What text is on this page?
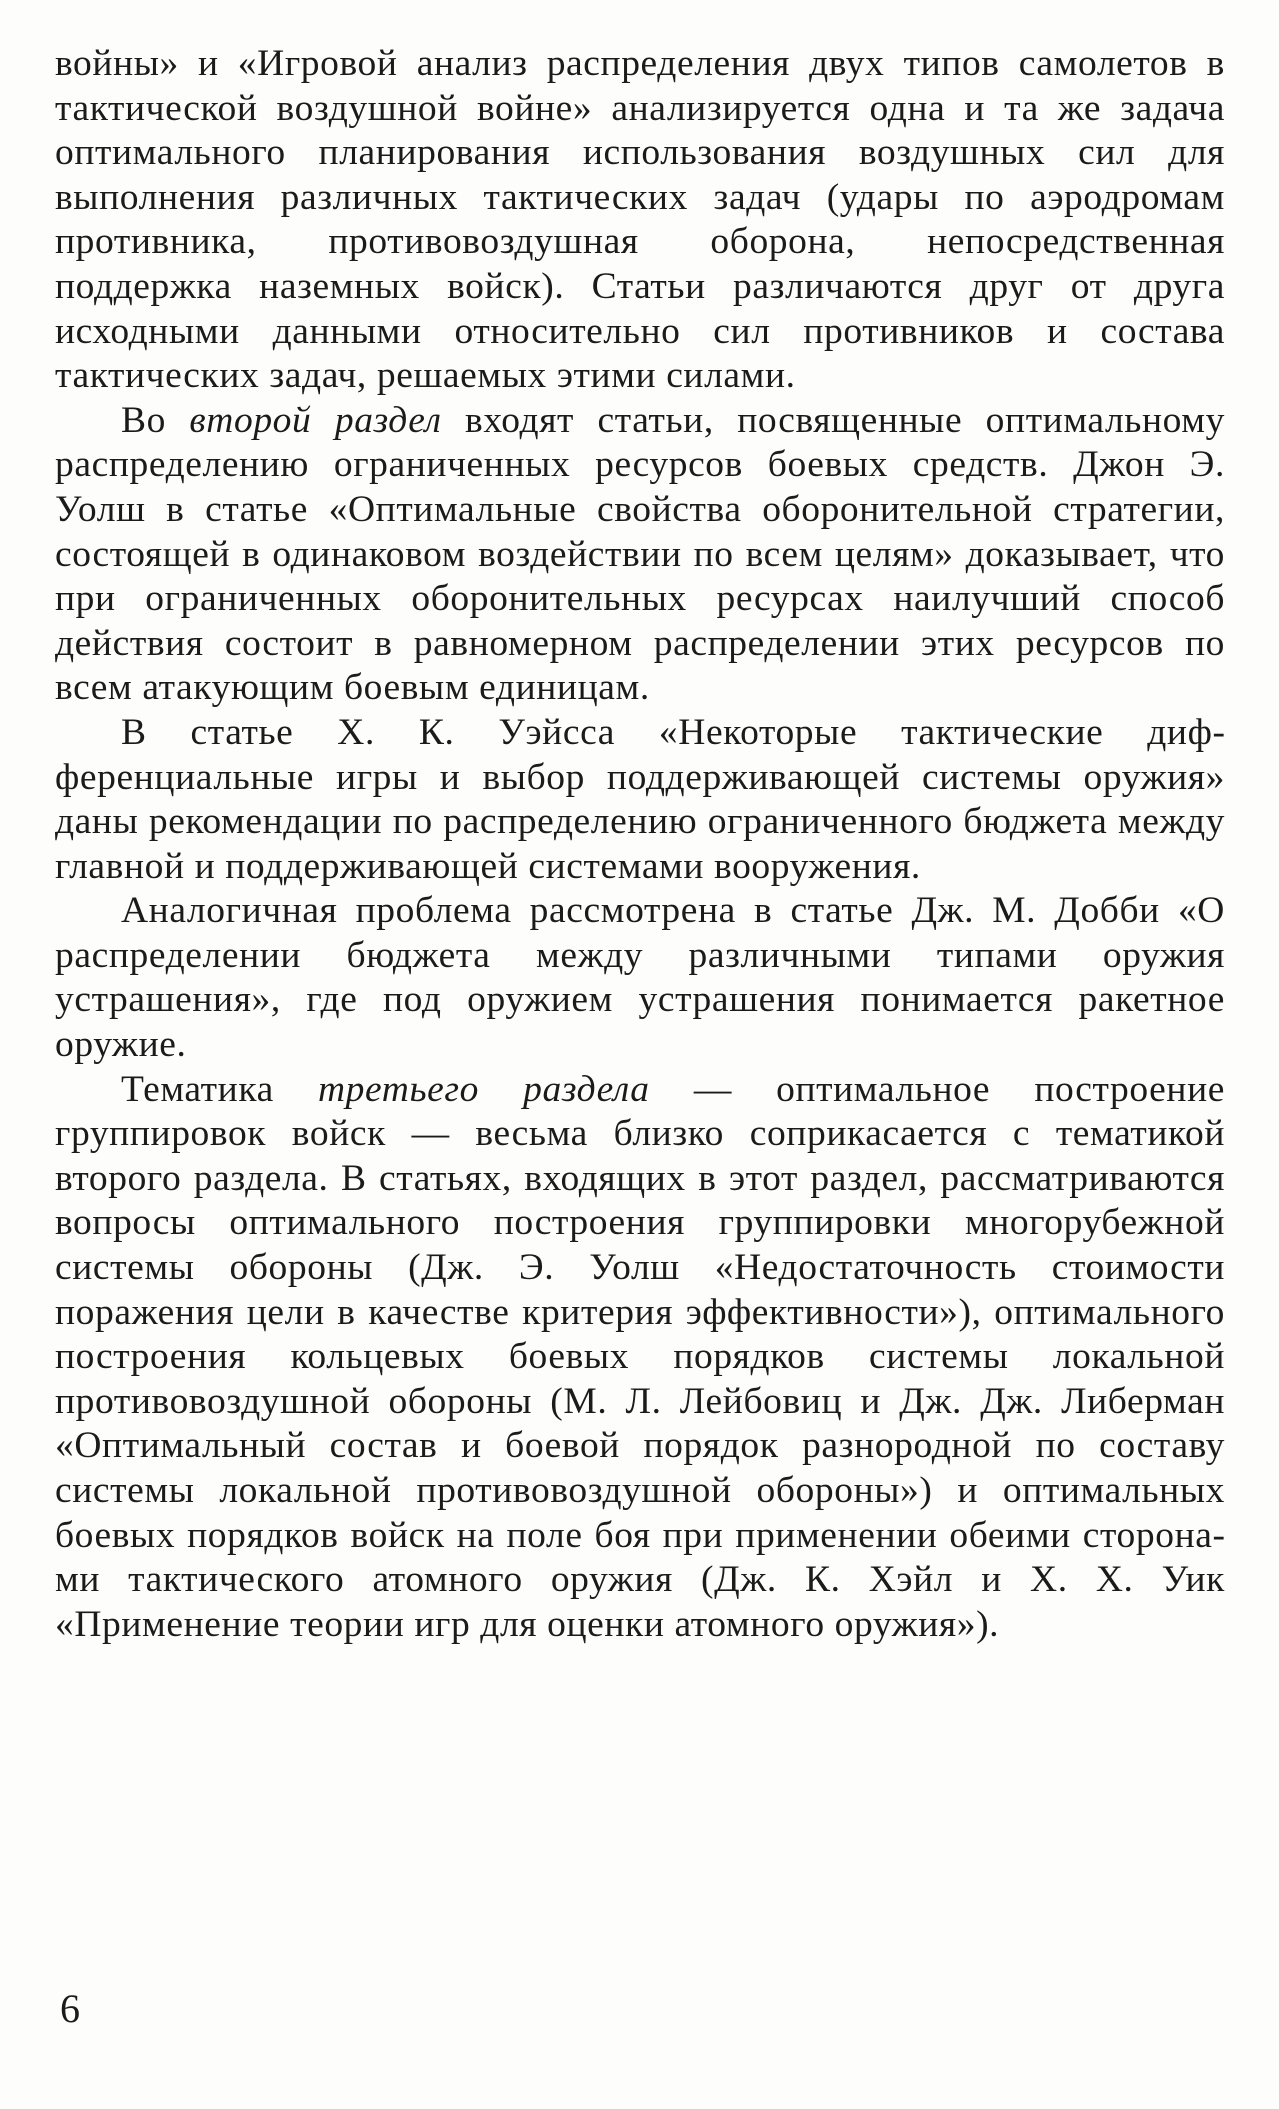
войны» и «Игровой анализ распределения двух типов самолетов в тактической воздушной войне» анализируется одна и та же задача оптимального планирования использования воздушных сил для выполнения различных тактических задач (удары по аэродромам противника, противовоздушная оборона, непосредственная поддержка наземных войск). Статьи различаются друг от друга исходными данными относительно сил противников и состава тактических задач, решаемых этими силами.

Во второй раздел входят статьи, посвященные оптимальному распределению ограниченных ресурсов боевых средств. Джон Э. Уолш в статье «Оптимальные свойства оборонительной стратегии, состоящей в одинаковом воздействии по всем целям» доказывает, что при ограниченных оборонительных ресурсах наилучший способ действия состоит в равномерном распределении этих ресурсов по всем атакующим боевым единицам.

В статье Х. К. Уэйсса «Некоторые тактические дифференциальные игры и выбор поддерживающей системы оружия» даны рекомендации по распределению ограниченного бюджета между главной и поддерживающей системами вооружения.

Аналогичная проблема рассмотрена в статье Дж. М. Добби «О распределении бюджета между различными типами оружия устрашения», где под оружием устрашения понимается ракетное оружие.

Тематика третьего раздела — оптимальное построение группировок войск — весьма близко соприкасается с тематикой второго раздела. В статьях, входящих в этот раздел, рассматриваются вопросы оптимального построения группировки многорубежной системы обороны (Дж. Э. Уолш «Недостаточность стоимости поражения цели в качестве критерия эффективности»), оптимального построения кольцевых боевых порядков системы локальной противовоздушной обороны (М. Л. Лейбовиц и Дж. Дж. Либерман «Оптимальный состав и боевой порядок разнородной по составу системы локальной противовоздушной обороны») и оптимальных боевых порядков войск на поле боя при применении обеими сторонами тактического атомного оружия (Дж. К. Хэйл и Х. Х. Уик «Применение теории игр для оценки атомного оружия»).

6
